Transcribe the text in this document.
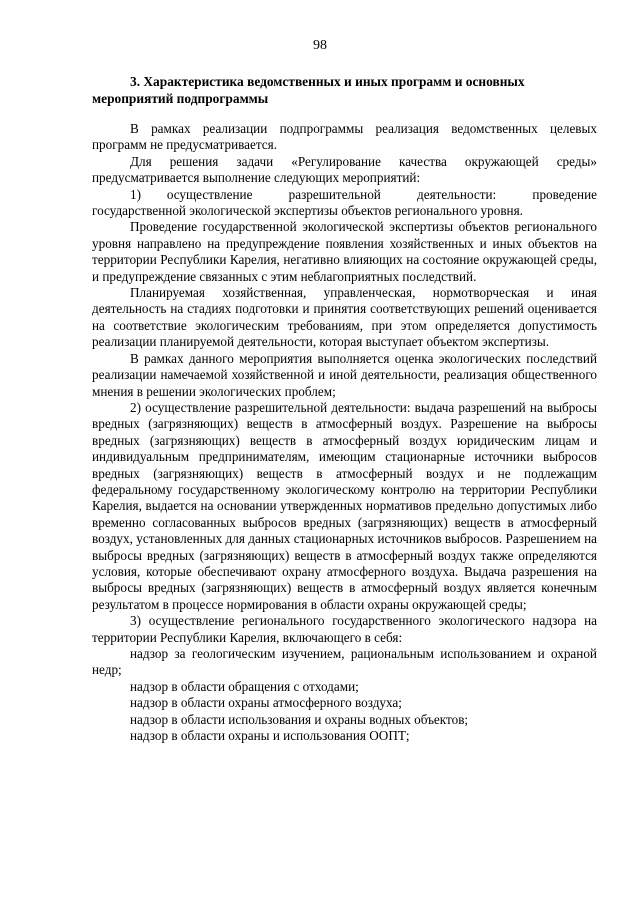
98
3. Характеристика ведомственных и иных программ и основных
мероприятий подпрограммы

В рамках реализации подпрограммы реализация ведомственных целевых программ не предусматривается.

Для решения задачи «Регулирование качества окружающей среды» предусматривается выполнение следующих мероприятий:

1)     осуществление       разрешительной       деятельности:       проведение государственной экологической экспертизы объектов регионального уровня.

Проведение государственной экологической экспертизы объектов регионального уровня направлено на предупреждение появления хозяйственных и иных объектов на территории Республики Карелия, негативно влияющих на состояние окружающей среды, и предупреждение связанных с этим неблагоприятных последствий.

Планируемая хозяйственная, управленческая, нормотворческая и иная деятельность на стадиях подготовки и принятия соответствующих решений оценивается на соответствие экологическим требованиям, при этом определяется допустимость реализации планируемой деятельности, которая выступает объектом экспертизы.

В рамках данного мероприятия выполняется оценка экологических последствий реализации намечаемой хозяйственной и иной деятельности, реализация общественного мнения в решении экологических проблем;

2) осуществление разрешительной деятельности: выдача разрешений на выбросы вредных (загрязняющих) веществ в атмосферный воздух. Разрешение на выбросы вредных (загрязняющих) веществ в атмосферный воздух юридическим лицам и индивидуальным предпринимателям, имеющим стационарные источники выбросов вредных (загрязняющих) веществ в атмосферный воздух и не подлежащим федеральному государственному экологическому контролю на территории Республики Карелия, выдается на основании утвержденных нормативов предельно допустимых либо временно согласованных выбросов вредных (загрязняющих) веществ в атмосферный воздух, установленных для данных стационарных источников выбросов. Разрешением на выбросы вредных (загрязняющих) веществ в атмосферный воздух также определяются условия, которые обеспечивают охрану атмосферного воздуха. Выдача разрешения на выбросы вредных (загрязняющих) веществ в атмосферный воздух является конечным результатом в процессе нормирования в области охраны окружающей среды;

3) осуществление регионального государственного экологического надзора на территории Республики Карелия, включающего в себя:

надзор за геологическим изучением, рациональным использованием и охраной недр;

надзор в области обращения с отходами;

надзор в области охраны атмосферного воздуха;

надзор в области использования и охраны водных объектов;

надзор в области охраны и использования ООПТ;
